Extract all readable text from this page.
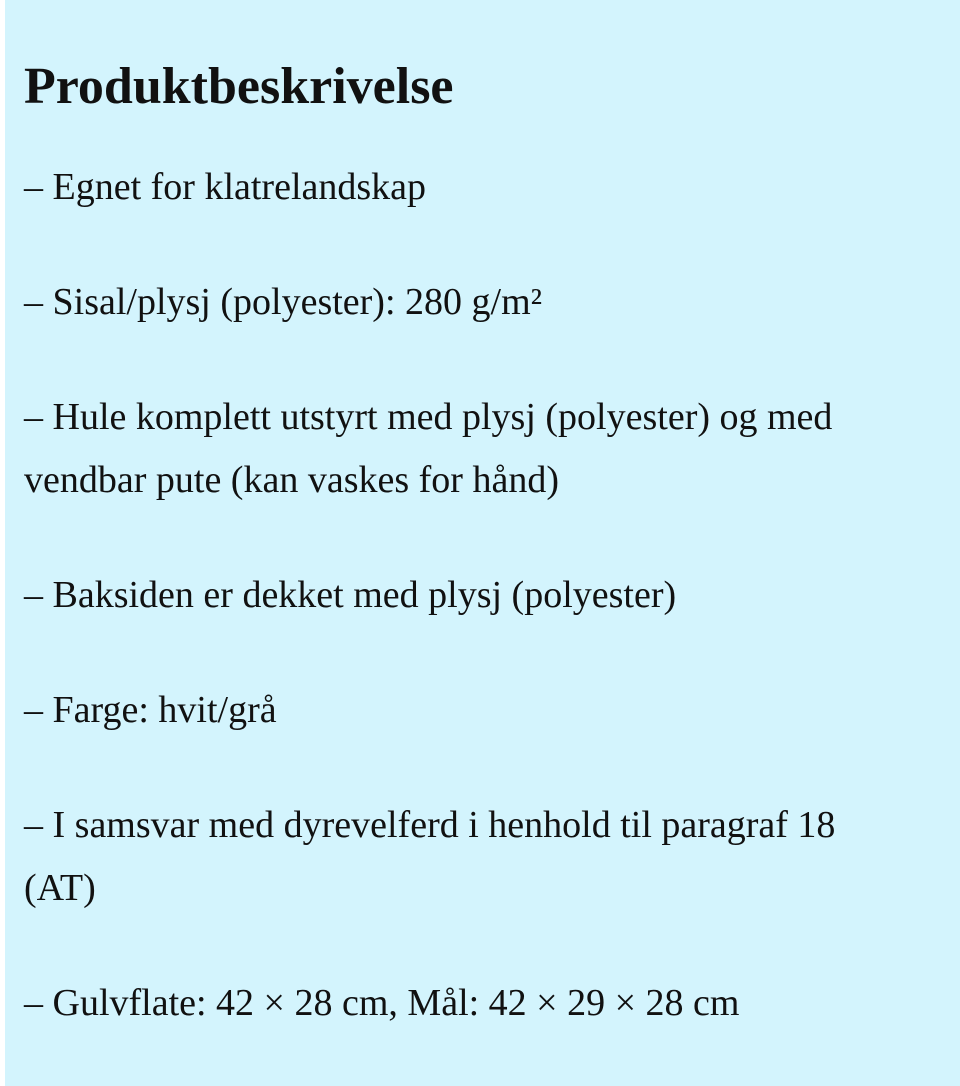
Produktbeskrivelse

– Egnet for klatrelandskap

– Sisal/plysj (polyester): 280 g/m²

– Hule komplett utstyrt med plysj (polyester) og med vendbar pute (kan vaskes for hånd)

– Baksiden er dekket med plysj (polyester)

– Farge: hvit/grå

– I samsvar med dyrevelferd i henhold til paragraf 18 (AT)

– Gulvflate: 42 × 28 cm, Mål: 42 × 29 × 28 cm
